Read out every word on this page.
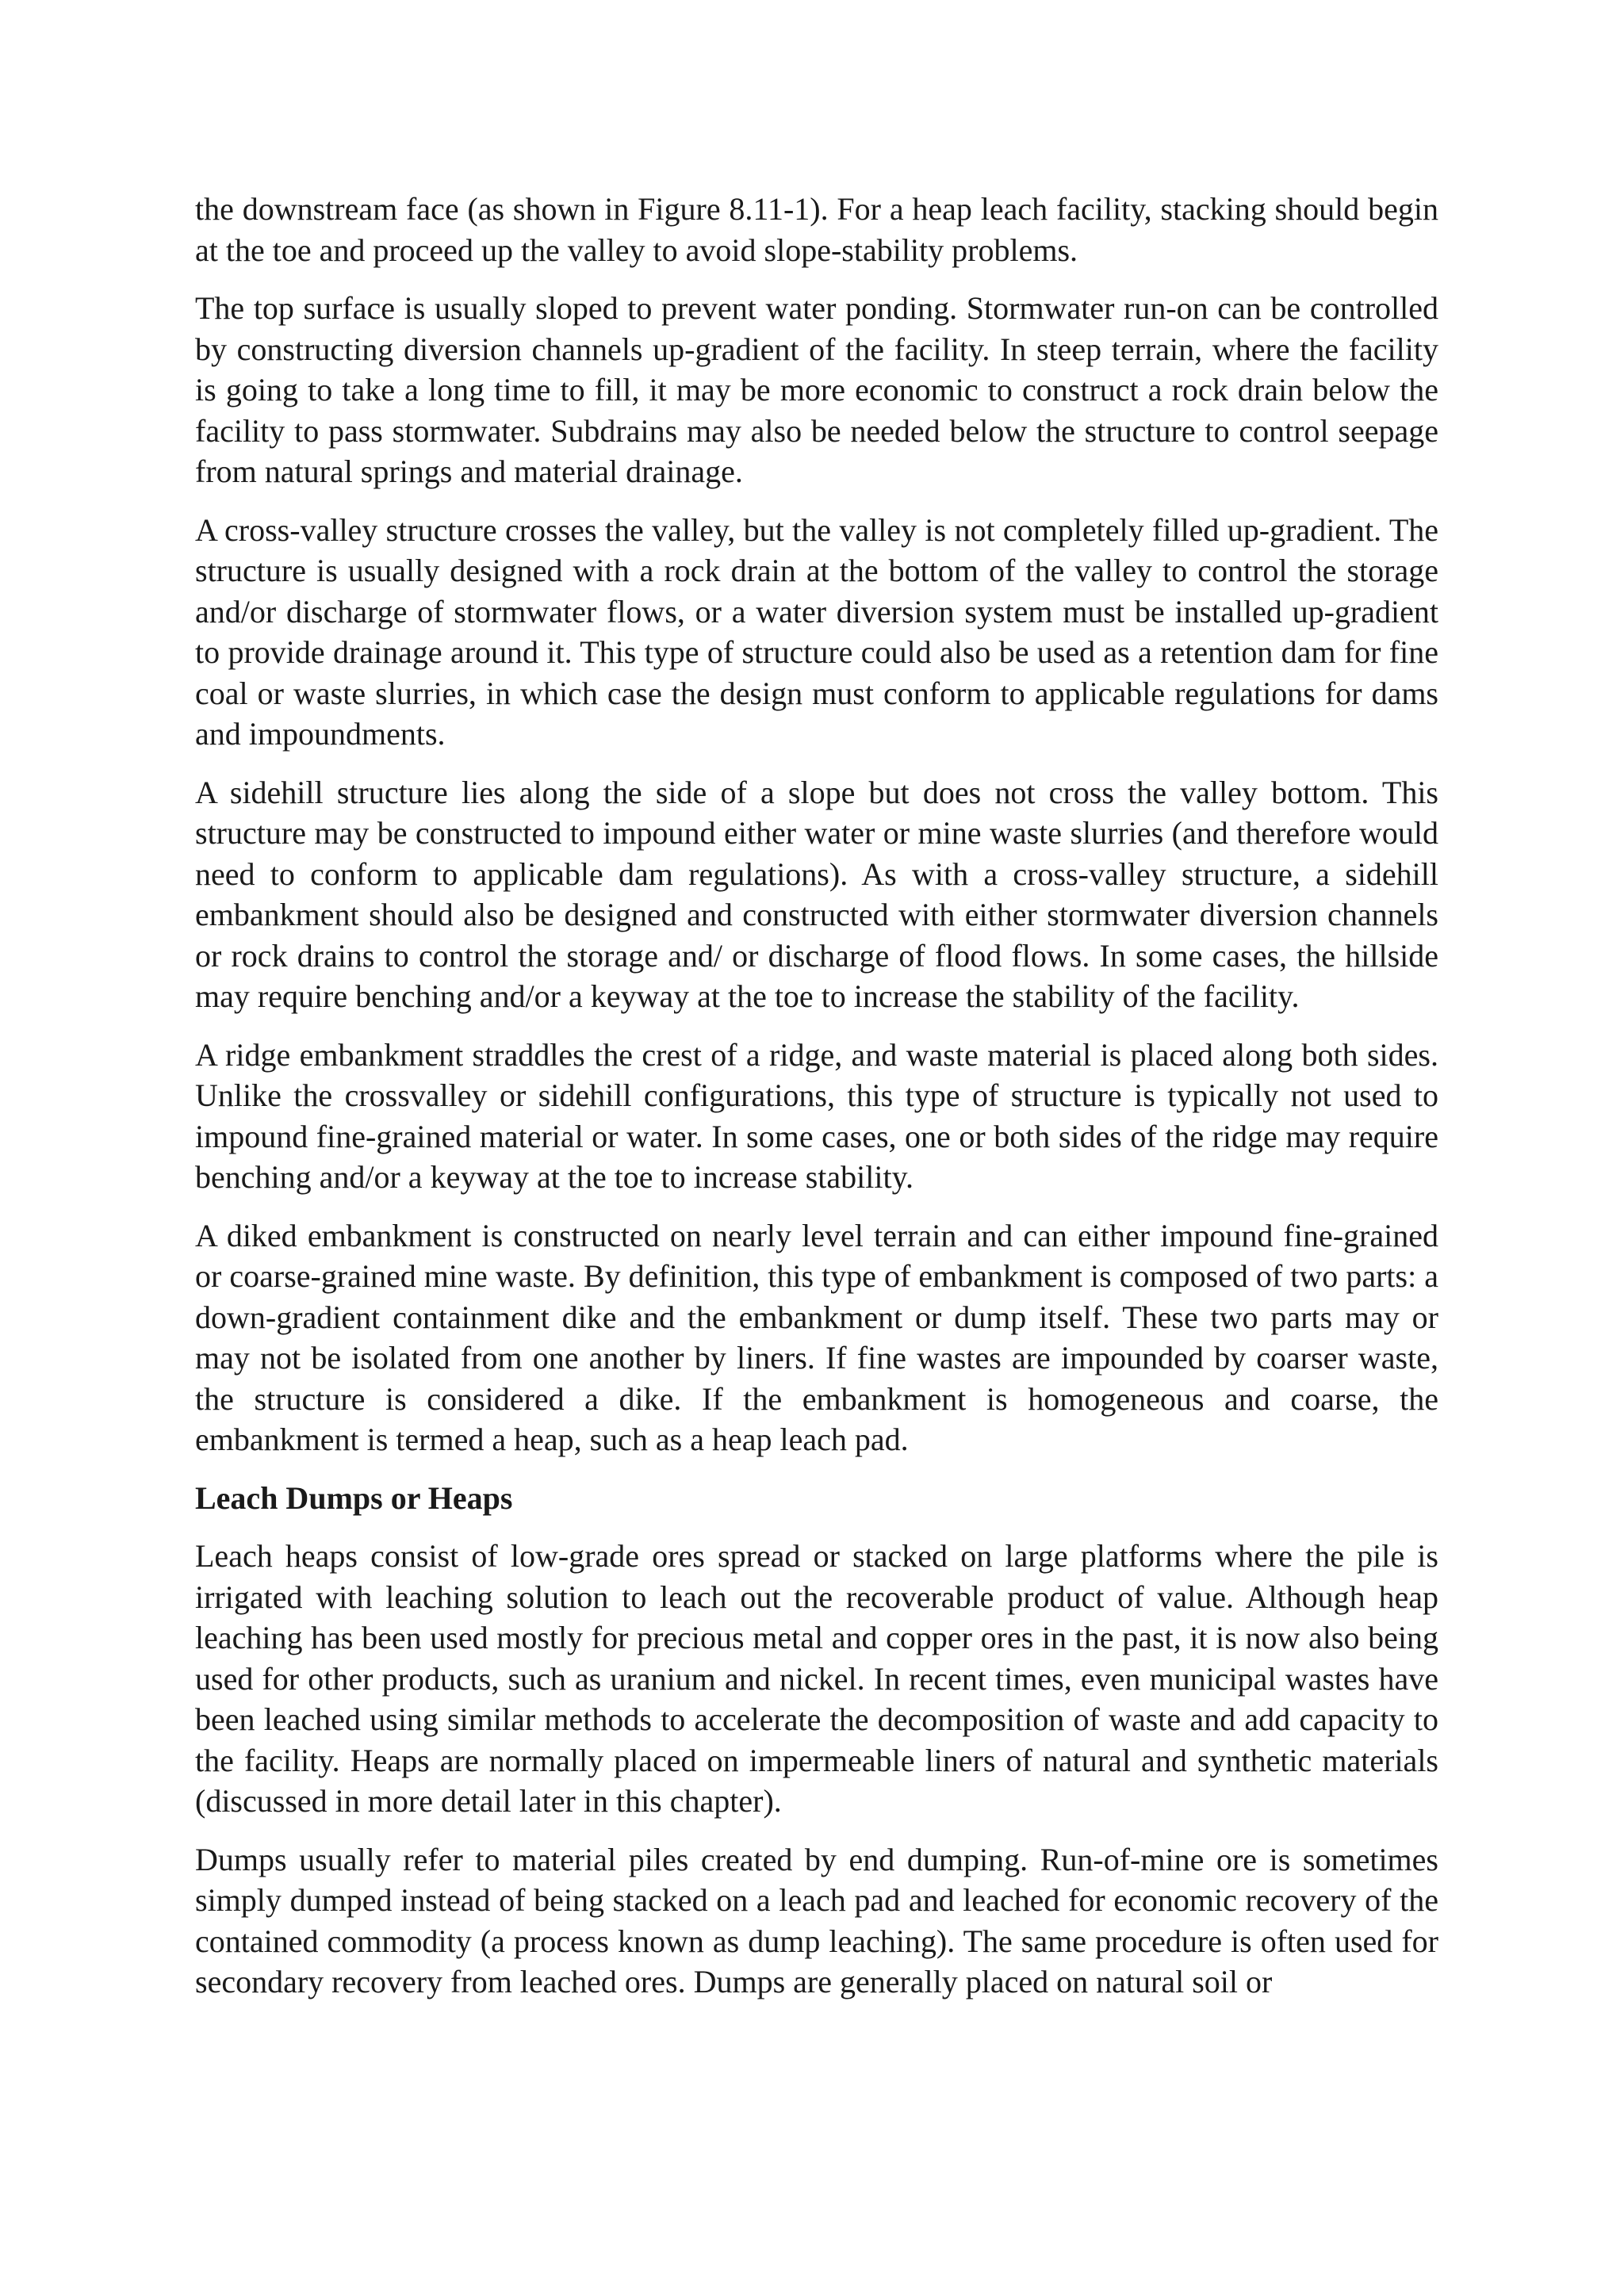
the downstream face (as shown in Figure 8.11-1). For a heap leach facility, stacking should begin at the toe and proceed up the valley to avoid slope-stability problems.

The top surface is usually sloped to prevent water ponding. Stormwater run-on can be controlled by constructing diversion channels up-gradient of the facility. In steep terrain, where the facility is going to take a long time to fill, it may be more economic to construct a rock drain below the facility to pass stormwater. Subdrains may also be needed below the structure to control seepage from natural springs and material drainage.

A cross-valley structure crosses the valley, but the valley is not completely filled up-gradient. The structure is usually designed with a rock drain at the bottom of the valley to control the storage and/or discharge of stormwater flows, or a water diversion system must be installed up-gradient to provide drainage around it. This type of structure could also be used as a retention dam for fine coal or waste slurries, in which case the design must conform to applicable regulations for dams and impoundments.

A sidehill structure lies along the side of a slope but does not cross the valley bottom. This structure may be constructed to impound either water or mine waste slurries (and therefore would need to conform to applicable dam regulations). As with a cross-valley structure, a sidehill embankment should also be designed and constructed with either stormwater diversion channels or rock drains to control the storage and/ or discharge of flood flows. In some cases, the hillside may require benching and/or a keyway at the toe to increase the stability of the facility.

A ridge embankment straddles the crest of a ridge, and waste material is placed along both sides. Unlike the crossvalley or sidehill configurations, this type of structure is typically not used to impound fine-grained material or water. In some cases, one or both sides of the ridge may require benching and/or a keyway at the toe to increase stability.

A diked embankment is constructed on nearly level terrain and can either impound fine-grained or coarse-grained mine waste. By definition, this type of embankment is composed of two parts: a down-gradient containment dike and the embankment or dump itself. These two parts may or may not be isolated from one another by liners. If fine wastes are impounded by coarser waste, the structure is considered a dike. If the embankment is homogeneous and coarse, the embankment is termed a heap, such as a heap leach pad.

Leach Dumps or Heaps

Leach heaps consist of low-grade ores spread or stacked on large platforms where the pile is irrigated with leaching solution to leach out the recoverable product of value. Although heap leaching has been used mostly for precious metal and copper ores in the past, it is now also being used for other products, such as uranium and nickel. In recent times, even municipal wastes have been leached using similar methods to accelerate the decomposition of waste and add capacity to the facility. Heaps are normally placed on impermeable liners of natural and synthetic materials (discussed in more detail later in this chapter).

Dumps usually refer to material piles created by end dumping. Run-of-mine ore is sometimes simply dumped instead of being stacked on a leach pad and leached for economic recovery of the contained commodity (a process known as dump leaching). The same procedure is often used for secondary recovery from leached ores. Dumps are generally placed on natural soil or
